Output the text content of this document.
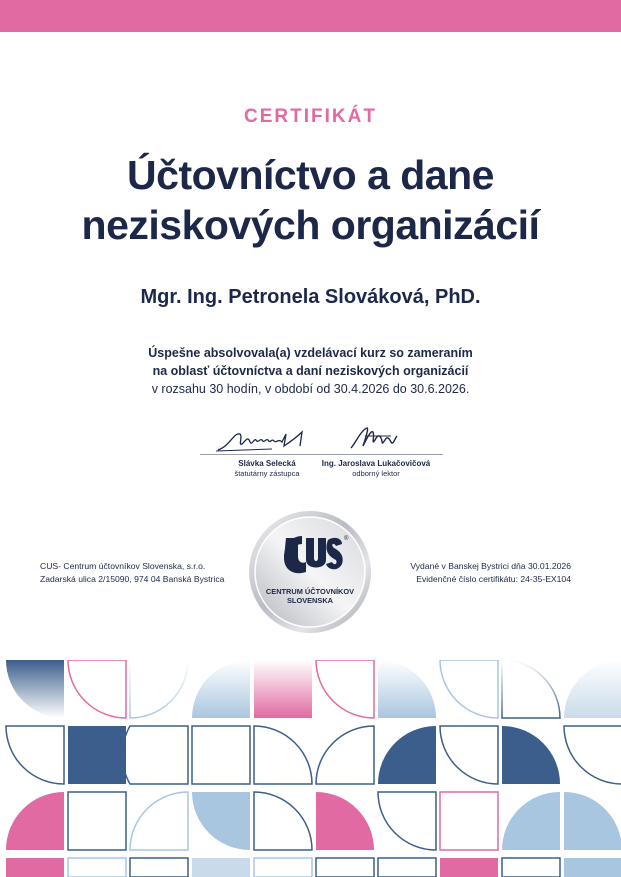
CERTIFIKÁT
Účtovníctvo a dane
neziskových organizácií
Mgr. Ing. Petronela Slováková, PhD.
Úspešne absolvovala(a) vzdelávací kurz so zameraním
na oblasť účtovníctva a daní neziskových organizácií
v rozsahu 30 hodín, v období od 30.4.2026 do 30.6.2026.
Slávka Selecká
štatutárny zástupca
Ing. Jaroslava Lukačovičová
odborný lektor
CUS- Centrum účtovníkov Slovenska, s.r.o.
Zadarská ulica 2/15090, 974 04 Banská Bystrica
Vydané v Banskej Bystrici dňa 30.01.2026
Evidenčné číslo certifikátu: 24-35-EX104
®
CENTRUM ÚČTOVNÍKOV
SLOVENSKA
